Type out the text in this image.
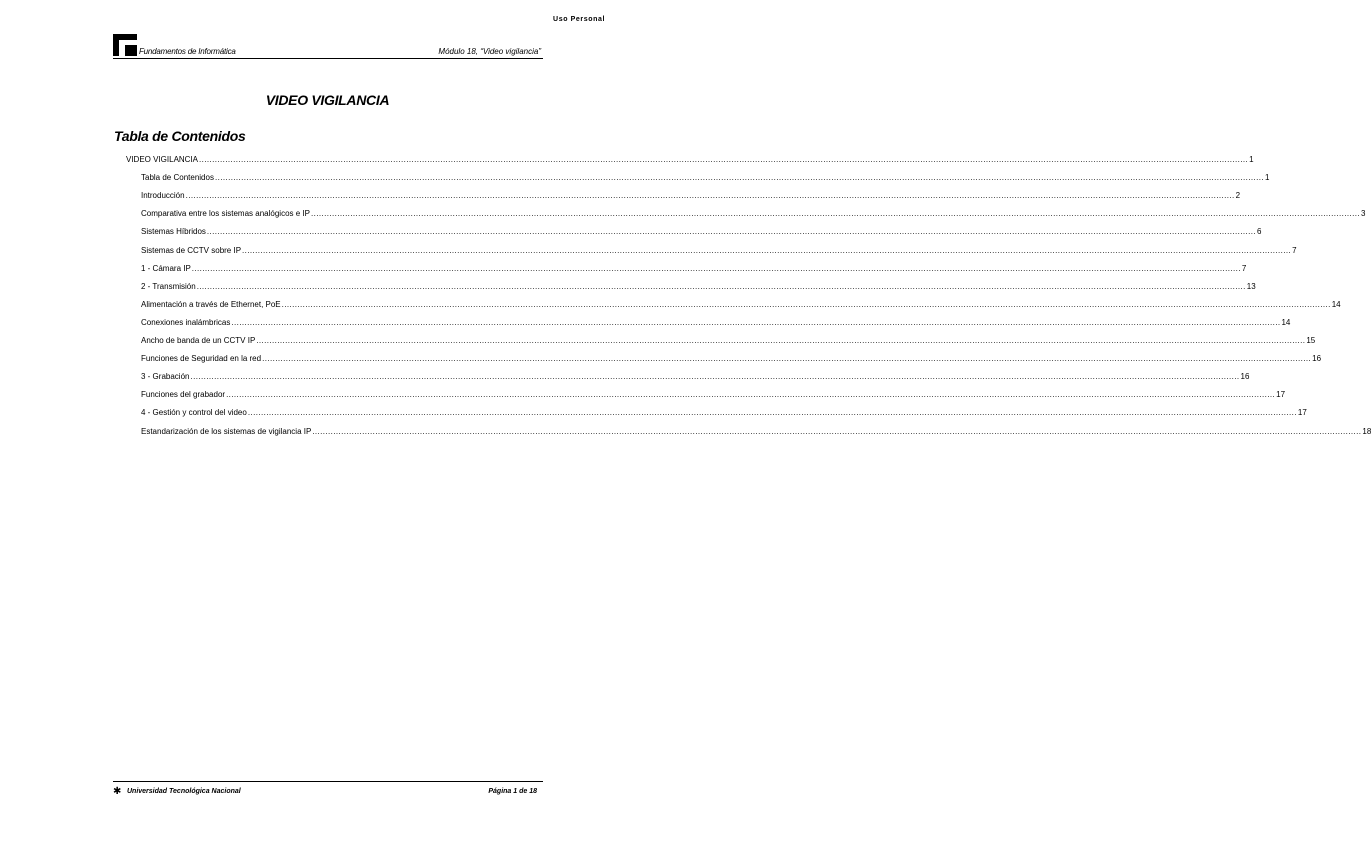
Uso Personal
Fundamentos de Informática	Módulo 18, “Video vigilancia”
VIDEO VIGILANCIA
Tabla de Contenidos
VIDEO VIGILANCIA ................................................................................................................................................................................................................................................................................................................................................................................................................ 1
Tabla de Contenidos ................................................................................................................................................................................................................................................................................................................................................................................................................ 1
Introducción ................................................................................................................................................................................................................................................................................................................................................................................................................ 2
Comparativa entre los sistemas analógicos e IP ................................................................................................................................................................................................................................................................................................................................................................................................................ 3
Sistemas Híbridos ................................................................................................................................................................................................................................................................................................................................................................................................................ 6
Sistemas de CCTV sobre IP ................................................................................................................................................................................................................................................................................................................................................................................................................ 7
1 - Cámara IP ................................................................................................................................................................................................................................................................................................................................................................................................................ 7
2 - Transmisión ................................................................................................................................................................................................................................................................................................................................................................................................................ 13
Alimentación a través de Ethernet, PoE ................................................................................................................................................................................................................................................................................................................................................................................................................ 14
Conexiones inalámbricas ................................................................................................................................................................................................................................................................................................................................................................................................................ 14
Ancho de banda de un CCTV IP ................................................................................................................................................................................................................................................................................................................................................................................................................ 15
Funciones de Seguridad en la red ................................................................................................................................................................................................................................................................................................................................................................................................................ 16
3 - Grabación ................................................................................................................................................................................................................................................................................................................................................................................................................ 16
Funciones del grabador ................................................................................................................................................................................................................................................................................................................................................................................................................ 17
4 - Gestión y control del video ................................................................................................................................................................................................................................................................................................................................................................................................................ 17
Estandarización de los sistemas de vigilancia IP ................................................................................................................................................................................................................................................................................................................................................................................................................ 18
✱ Universidad Tecnológica Nacional	Página 1 de 18
